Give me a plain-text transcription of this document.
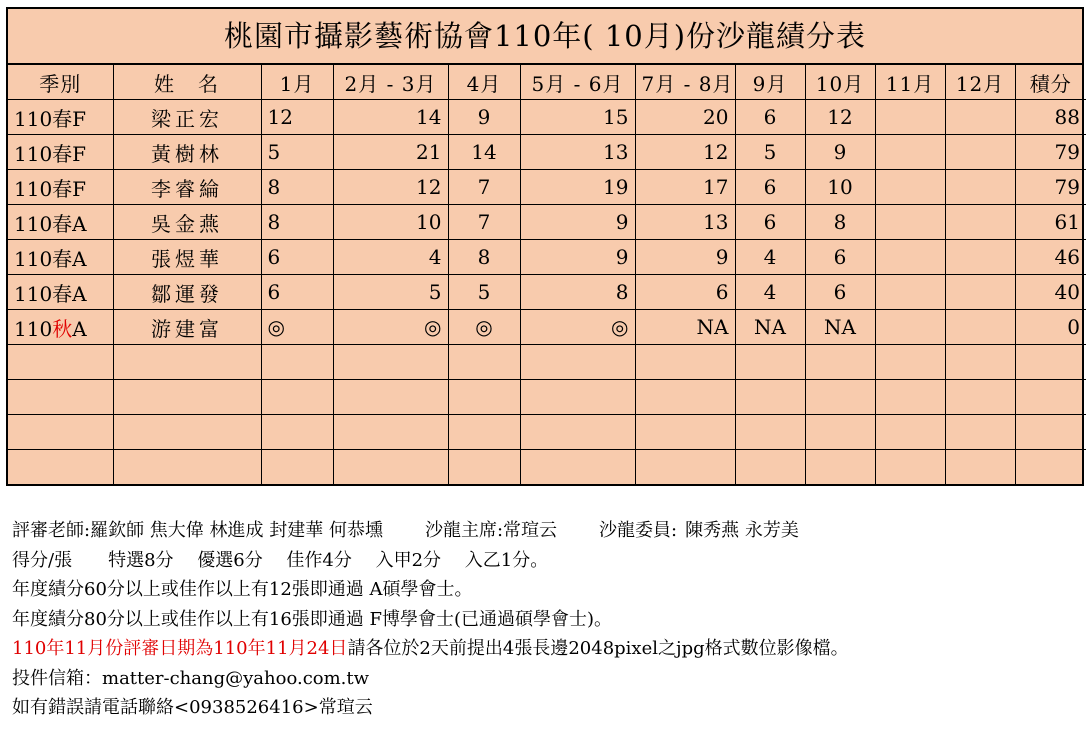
桃園市攝影藝術協會110年( 10月)份沙龍績分表
季別	姓　名	1月	2月 - 3月	4月	5月 - 6月	7月 - 8月	9月	10月	11月	12月	積分
110春F	梁正宏	12	14	9	15	20	6	12			88
110春F	黃樹林	5	21	14	13	12	5	9			79
110春F	李睿綸	8	12	7	19	17	6	10			79
110春A	吳金燕	8	10	7	9	13	6	8			61
110春A	張煜華	6	4	8	9	9	4	6			46
110春A	鄒運發	6	5	5	8	6	4	6			40
110秋A	游建富	◎	◎	◎	◎	NA	NA	NA			0

評審老師:羅欽師 焦大偉 林進成 封建華 何恭壎 沙龍主席:常瑄云 沙龍委員: 陳秀燕 永芳美
得分/張　　特選8分　 優選6分　 佳作4分　 入甲2分　 入乙1分。
年度績分60分以上或佳作以上有12張即通過 A碩學會士。
年度績分80分以上或佳作以上有16張即通過 F博學會士(已通過碩學會士)。
110年11月份評審日期為110年11月24日請各位於2天前提出4張長邊2048pixel之jpg格式數位影像檔。
投件信箱：matter-chang@yahoo.com.tw
如有錯誤請電話聯絡<0938526416>常瑄云
